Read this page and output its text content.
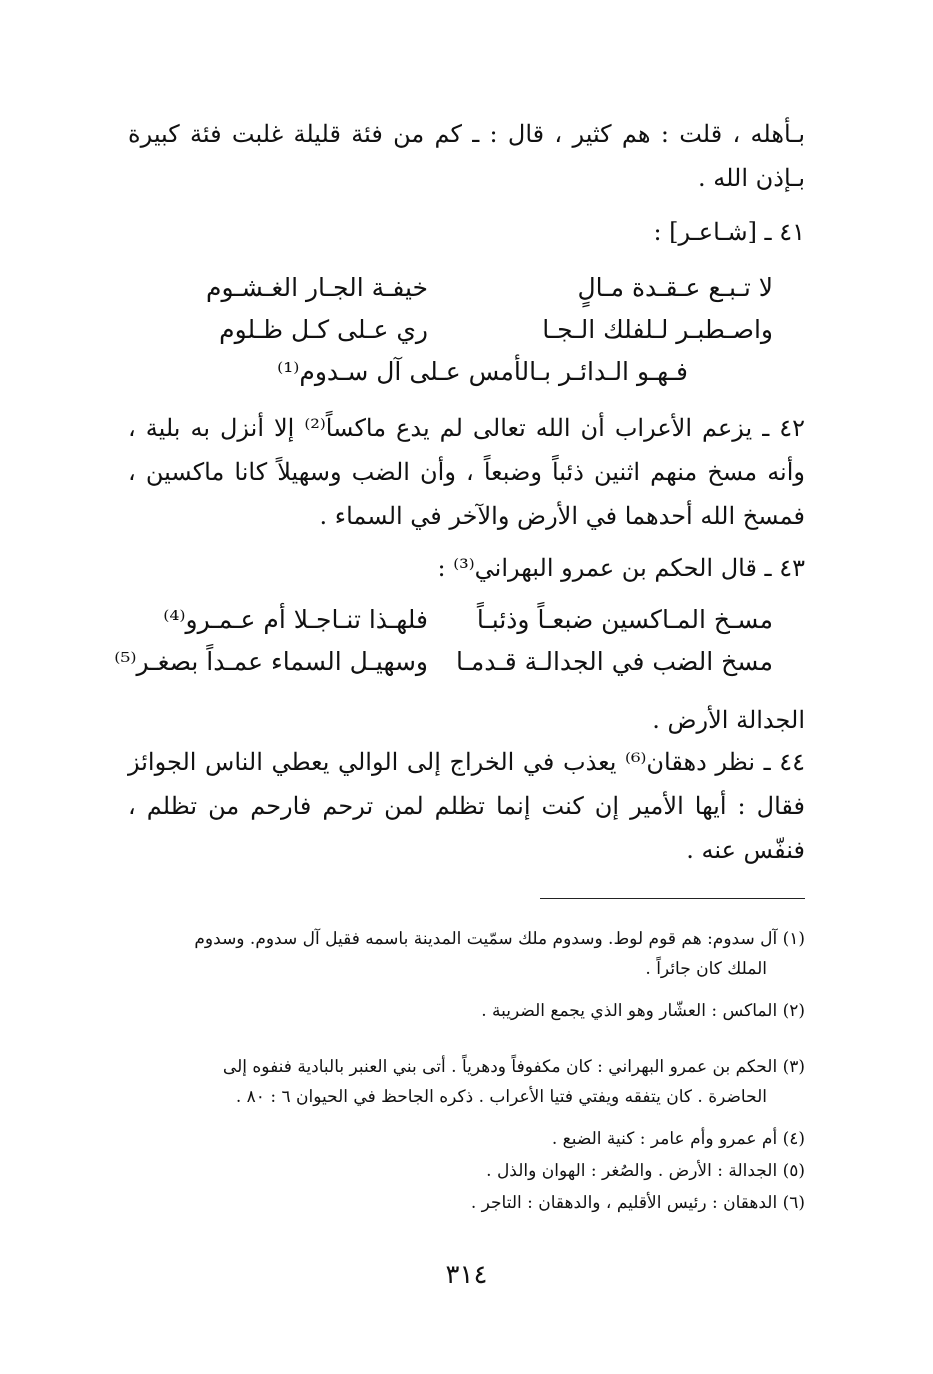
بـأهله ، قلت : هم كثير ، قال : ـ كم من فئة قليلة غلبت فئة كبيرة بـإذن الله .

٤١ ـ [شـاعـر] :

لا تـبـع عـقـدة مـالٍ
خيفـة الجـار الغـشـوم
واصـطبـر لـلفلك الـجـا
ري عـلى كـل ظـلوم
فـهـو الـدائـر بـالأمس عـلى آل سـدوم⁽¹⁾

٤٢ ـ يزعم الأعراب أن الله تعالى لم يدع ماكساً⁽²⁾ إلا أنزل به بلية ، وأنه مسخ منهم اثنين ذئباً وضبعاً ، وأن الضب وسهيلاً كانا ماكسين ، فمسخ الله أحدهما في الأرض والآخر في السماء .

٤٣ ـ قال الحكم بن عمرو البهراني⁽³⁾ :

مسـخ المـاكسين ضبعـاً وذئبـاً
فلهـذا تنـاجـلا أم عـمـرو⁽⁴⁾
مسخ الضب في الجدالـة قـدمـا
وسهيـل السماء عمـداً بصغـر⁽⁵⁾

الجدالة الأرض .

٤٤ ـ نظر دهقان⁽⁶⁾ يعذب في الخراج إلى الوالي يعطي الناس الجوائز فقال : أيها الأمير إن كنت إنما تظلم لمن ترحم فارحم من تظلم ، فنفّس عنه .

(١) آل سدوم: هم قوم لوط. وسدوم ملك سمّيت المدينة باسمه فقيل آل سدوم. وسدوم
الملك كان جائراً .

(٢) الماكس : العشّار وهو الذي يجمع الضريبة .

(٣) الحكم بن عمرو البهراني : كان مكفوفاً ودهرياً . أتى بني العنبر بالبادية فنفوه إلى
الحاضرة . كان يتفقه ويفتي فتيا الأعراب . ذكره الجاحظ في الحيوان ٦ : ٨٠ .

(٤) أم عمرو وأم عامر : كنية الضبع .

(٥) الجدالة : الأرض . والصُغر : الهوان والذل .

(٦) الدهقان : رئيس الأقليم ، والدهقان : التاجر .

٣١٤
